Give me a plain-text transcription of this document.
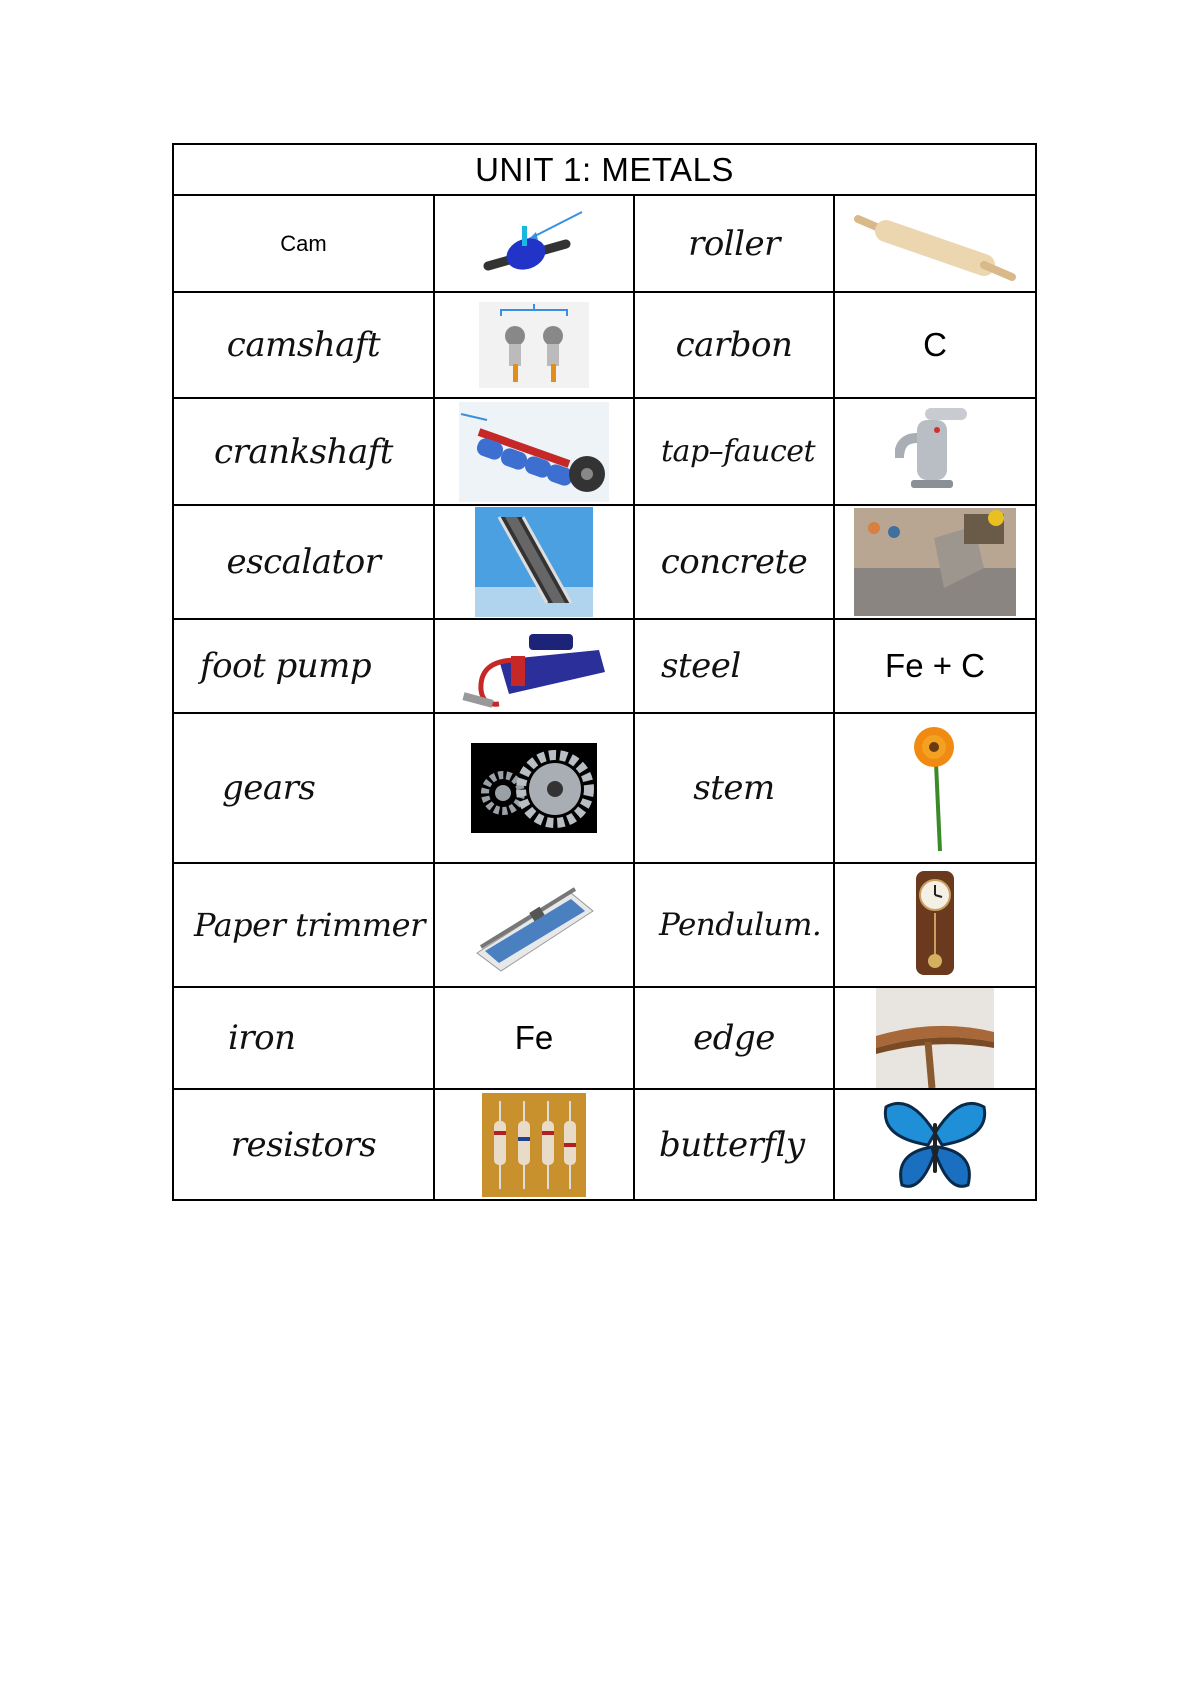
UNIT 1: METALS			
Cam		roller	

camshaft		carbon	C
crankshaft		tap–faucet

escalator		concrete	

foot pump		steel	Fe + C

gears		stem	

Paper trimmer		Pendulum.

iron	Fe	edge	

resistors		butterfly
